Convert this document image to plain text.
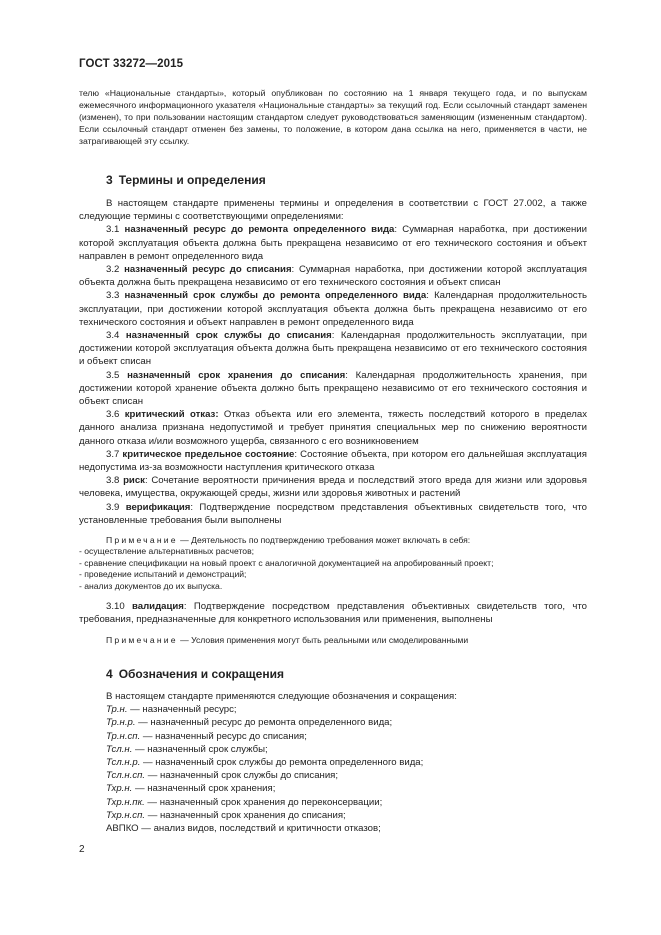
ГОСТ 33272—2015

телю «Национальные стандарты», который опубликован по состоянию на 1 января текущего года, и по выпускам ежемесячного информационного указателя «Национальные стандарты» за текущий год. Если ссылочный стандарт заменен (изменен), то при пользовании настоящим стандартом следует руководствоваться заменяющим (измененным стандартом). Если ссылочный стандарт отменен без замены, то положение, в котором дана ссылка на него, применяется в части, не затрагивающей эту ссылку.

3 Термины и определения

В настоящем стандарте применены термины и определения в соответствии с ГОСТ 27.002, а также следующие термины с соответствующими определениями:

3.1 назначенный ресурс до ремонта определенного вида: Суммарная наработка, при достижении которой эксплуатация объекта должна быть прекращена независимо от его технического состояния и объект направлен в ремонт определенного вида

3.2 назначенный ресурс до списания: Суммарная наработка, при достижении которой эксплуатация объекта должна быть прекращена независимо от его технического состояния и объект списан

3.3 назначенный срок службы до ремонта определенного вида: Календарная продолжительность эксплуатации, при достижении которой эксплуатация объекта должна быть прекращена независимо от его технического состояния и объект направлен в ремонт определенного вида

3.4 назначенный срок службы до списания: Календарная продолжительность эксплуатации, при достижении которой эксплуатация объекта должна быть прекращена независимо от его технического состояния и объект списан

3.5 назначенный срок хранения до списания: Календарная продолжительность хранения, при достижении которой хранение объекта должно быть прекращено независимо от его технического состояния и объект списан

3.6 критический отказ: Отказ объекта или его элемента, тяжесть последствий которого в пределах данного анализа признана недопустимой и требует принятия специальных мер по снижению вероятности данного отказа и/или возможного ущерба, связанного с его возникновением

3.7 критическое предельное состояние: Состояние объекта, при котором его дальнейшая эксплуатация недопустима из-за возможности наступления критического отказа

3.8 риск: Сочетание вероятности причинения вреда и последствий этого вреда для жизни или здоровья человека, имущества, окружающей среды, жизни или здоровья животных и растений

3.9 верификация: Подтверждение посредством представления объективных свидетельств того, что установленные требования были выполнены

Примечание — Деятельность по подтверждению требования может включать в себя:

- осуществление альтернативных расчетов;

- сравнение спецификации на новый проект с аналогичной документацией на апробированный проект;

- проведение испытаний и демонстраций;

- анализ документов до их выпуска.

3.10 валидация: Подтверждение посредством представления объективных свидетельств того, что требования, предназначенные для конкретного использования или применения, выполнены

Примечание — Условия применения могут быть реальными или смоделированными

4 Обозначения и сокращения

В настоящем стандарте применяются следующие обозначения и сокращения:

Тр.н. — назначенный ресурс;
Тр.н.р. — назначенный ресурс до ремонта определенного вида;
Тр.н.сп. — назначенный ресурс до списания;
Тсл.н. — назначенный срок службы;
Тсл.н.р. — назначенный срок службы до ремонта определенного вида;
Тсл.н.сп. — назначенный срок службы до списания;
Тхр.н. — назначенный срок хранения;
Тхр.н.пк. — назначенный срок хранения до переконсервации;
Тхр.н.сп. — назначенный срок хранения до списания;
АВПКО — анализ видов, последствий и критичности отказов;
2
